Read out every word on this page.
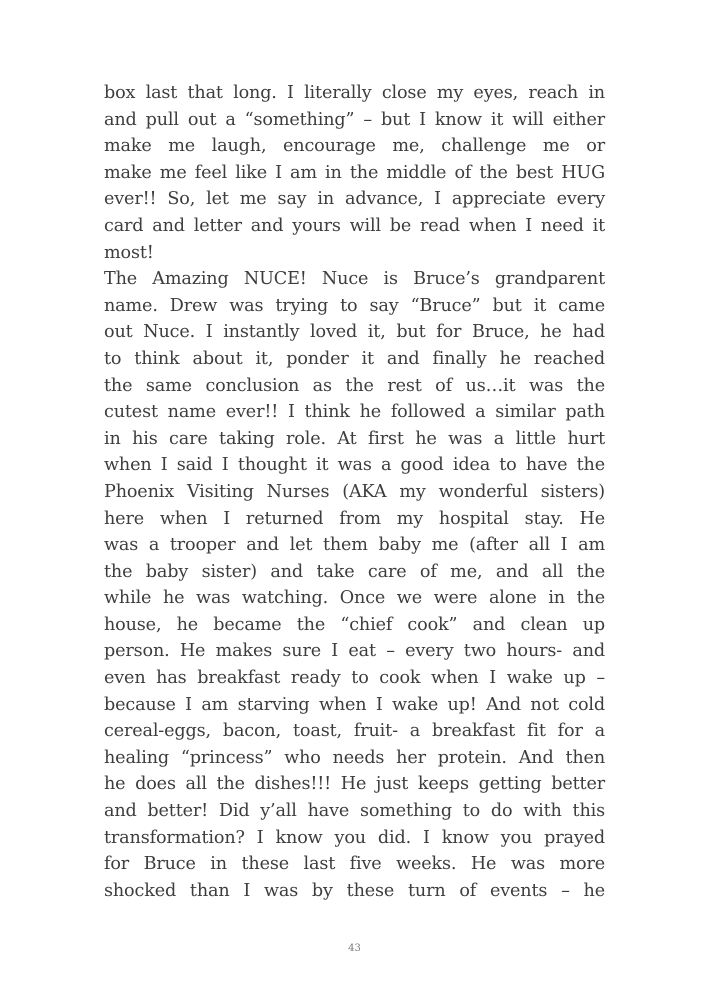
box last that long. I literally close my eyes, reach in
and pull out a “something” – but I know it will either
make me laugh, encourage me, challenge me or
make me feel like I am in the middle of the best HUG
ever!! So, let me say in advance, I appreciate every
card and letter and yours will be read when I need it
most!
The Amazing NUCE! Nuce is Bruce’s grandparent
name. Drew was trying to say “Bruce” but it came
out Nuce. I instantly loved it, but for Bruce, he had
to think about it, ponder it and finally he reached
the same conclusion as the rest of us…it was the
cutest name ever!! I think he followed a similar path
in his care taking role. At first he was a little hurt
when I said I thought it was a good idea to have the
Phoenix Visiting Nurses (AKA my wonderful sisters)
here when I returned from my hospital stay. He
was a trooper and let them baby me (after all I am
the baby sister) and take care of me, and all the
while he was watching. Once we were alone in the
house, he became the “chief cook” and clean up
person. He makes sure I eat – every two hours- and
even has breakfast ready to cook when I wake up –
because I am starving when I wake up! And not cold
cereal-eggs, bacon, toast, fruit- a breakfast fit for a
healing “princess” who needs her protein. And then
he does all the dishes!!! He just keeps getting better
and better! Did y’all have something to do with this
transformation? I know you did. I know you prayed
for Bruce in these last five weeks. He was more
shocked than I was by these turn of events – he
43
